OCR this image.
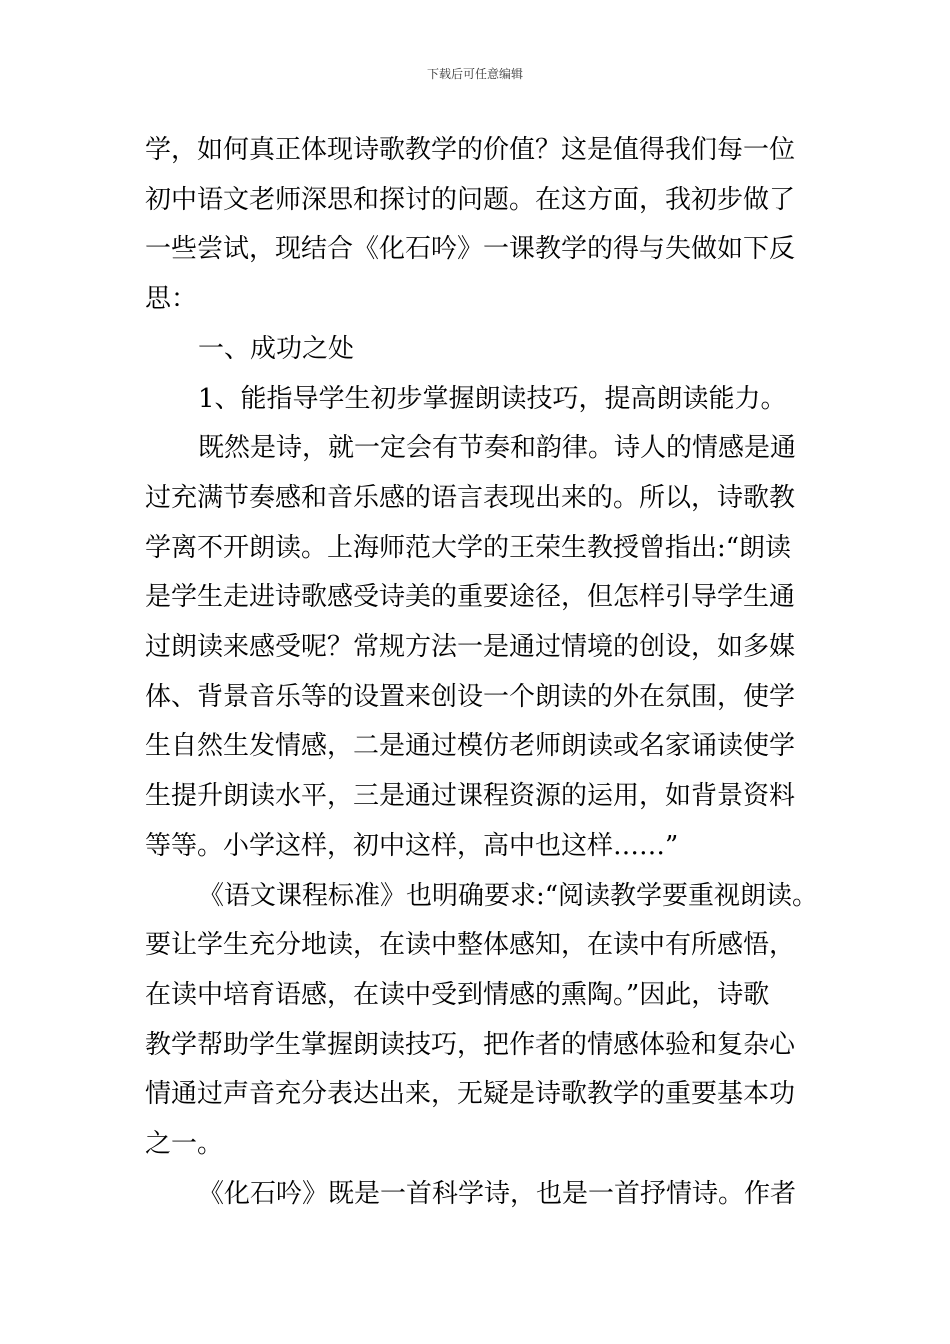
下载后可任意编辑
学，如何真正体现诗歌教学的价值？这是值得我们每一位
初中语文老师深思和探讨的问题。在这方面，我初步做了
一些尝试，现结合《化石吟》一课教学的得与失做如下反
思：
一、成功之处
1、能指导学生初步掌握朗读技巧，提高朗读能力。
既然是诗，就一定会有节奏和韵律。诗人的情感是通
过充满节奏感和音乐感的语言表现出来的。所以，诗歌教
学离不开朗读。上海师范大学的王荣生教授曾指出:“朗读
是学生走进诗歌感受诗美的重要途径，但怎样引导学生通
过朗读来感受呢？常规方法一是通过情境的创设，如多媒
体、背景音乐等的设置来创设一个朗读的外在氛围，使学
生自然生发情感，二是通过模仿老师朗读或名家诵读使学
生提升朗读水平，三是通过课程资源的运用，如背景资料
等等。小学这样，初中这样，高中也这样……”
《语文课程标准》也明确要求:“阅读教学要重视朗读。
要让学生充分地读，在读中整体感知，在读中有所感悟，
在读中培育语感，在读中受到情感的熏陶。”因此，诗歌
教学帮助学生掌握朗读技巧，把作者的情感体验和复杂心
情通过声音充分表达出来，无疑是诗歌教学的重要基本功
之一。
《化石吟》既是一首科学诗，也是一首抒情诗。作者
